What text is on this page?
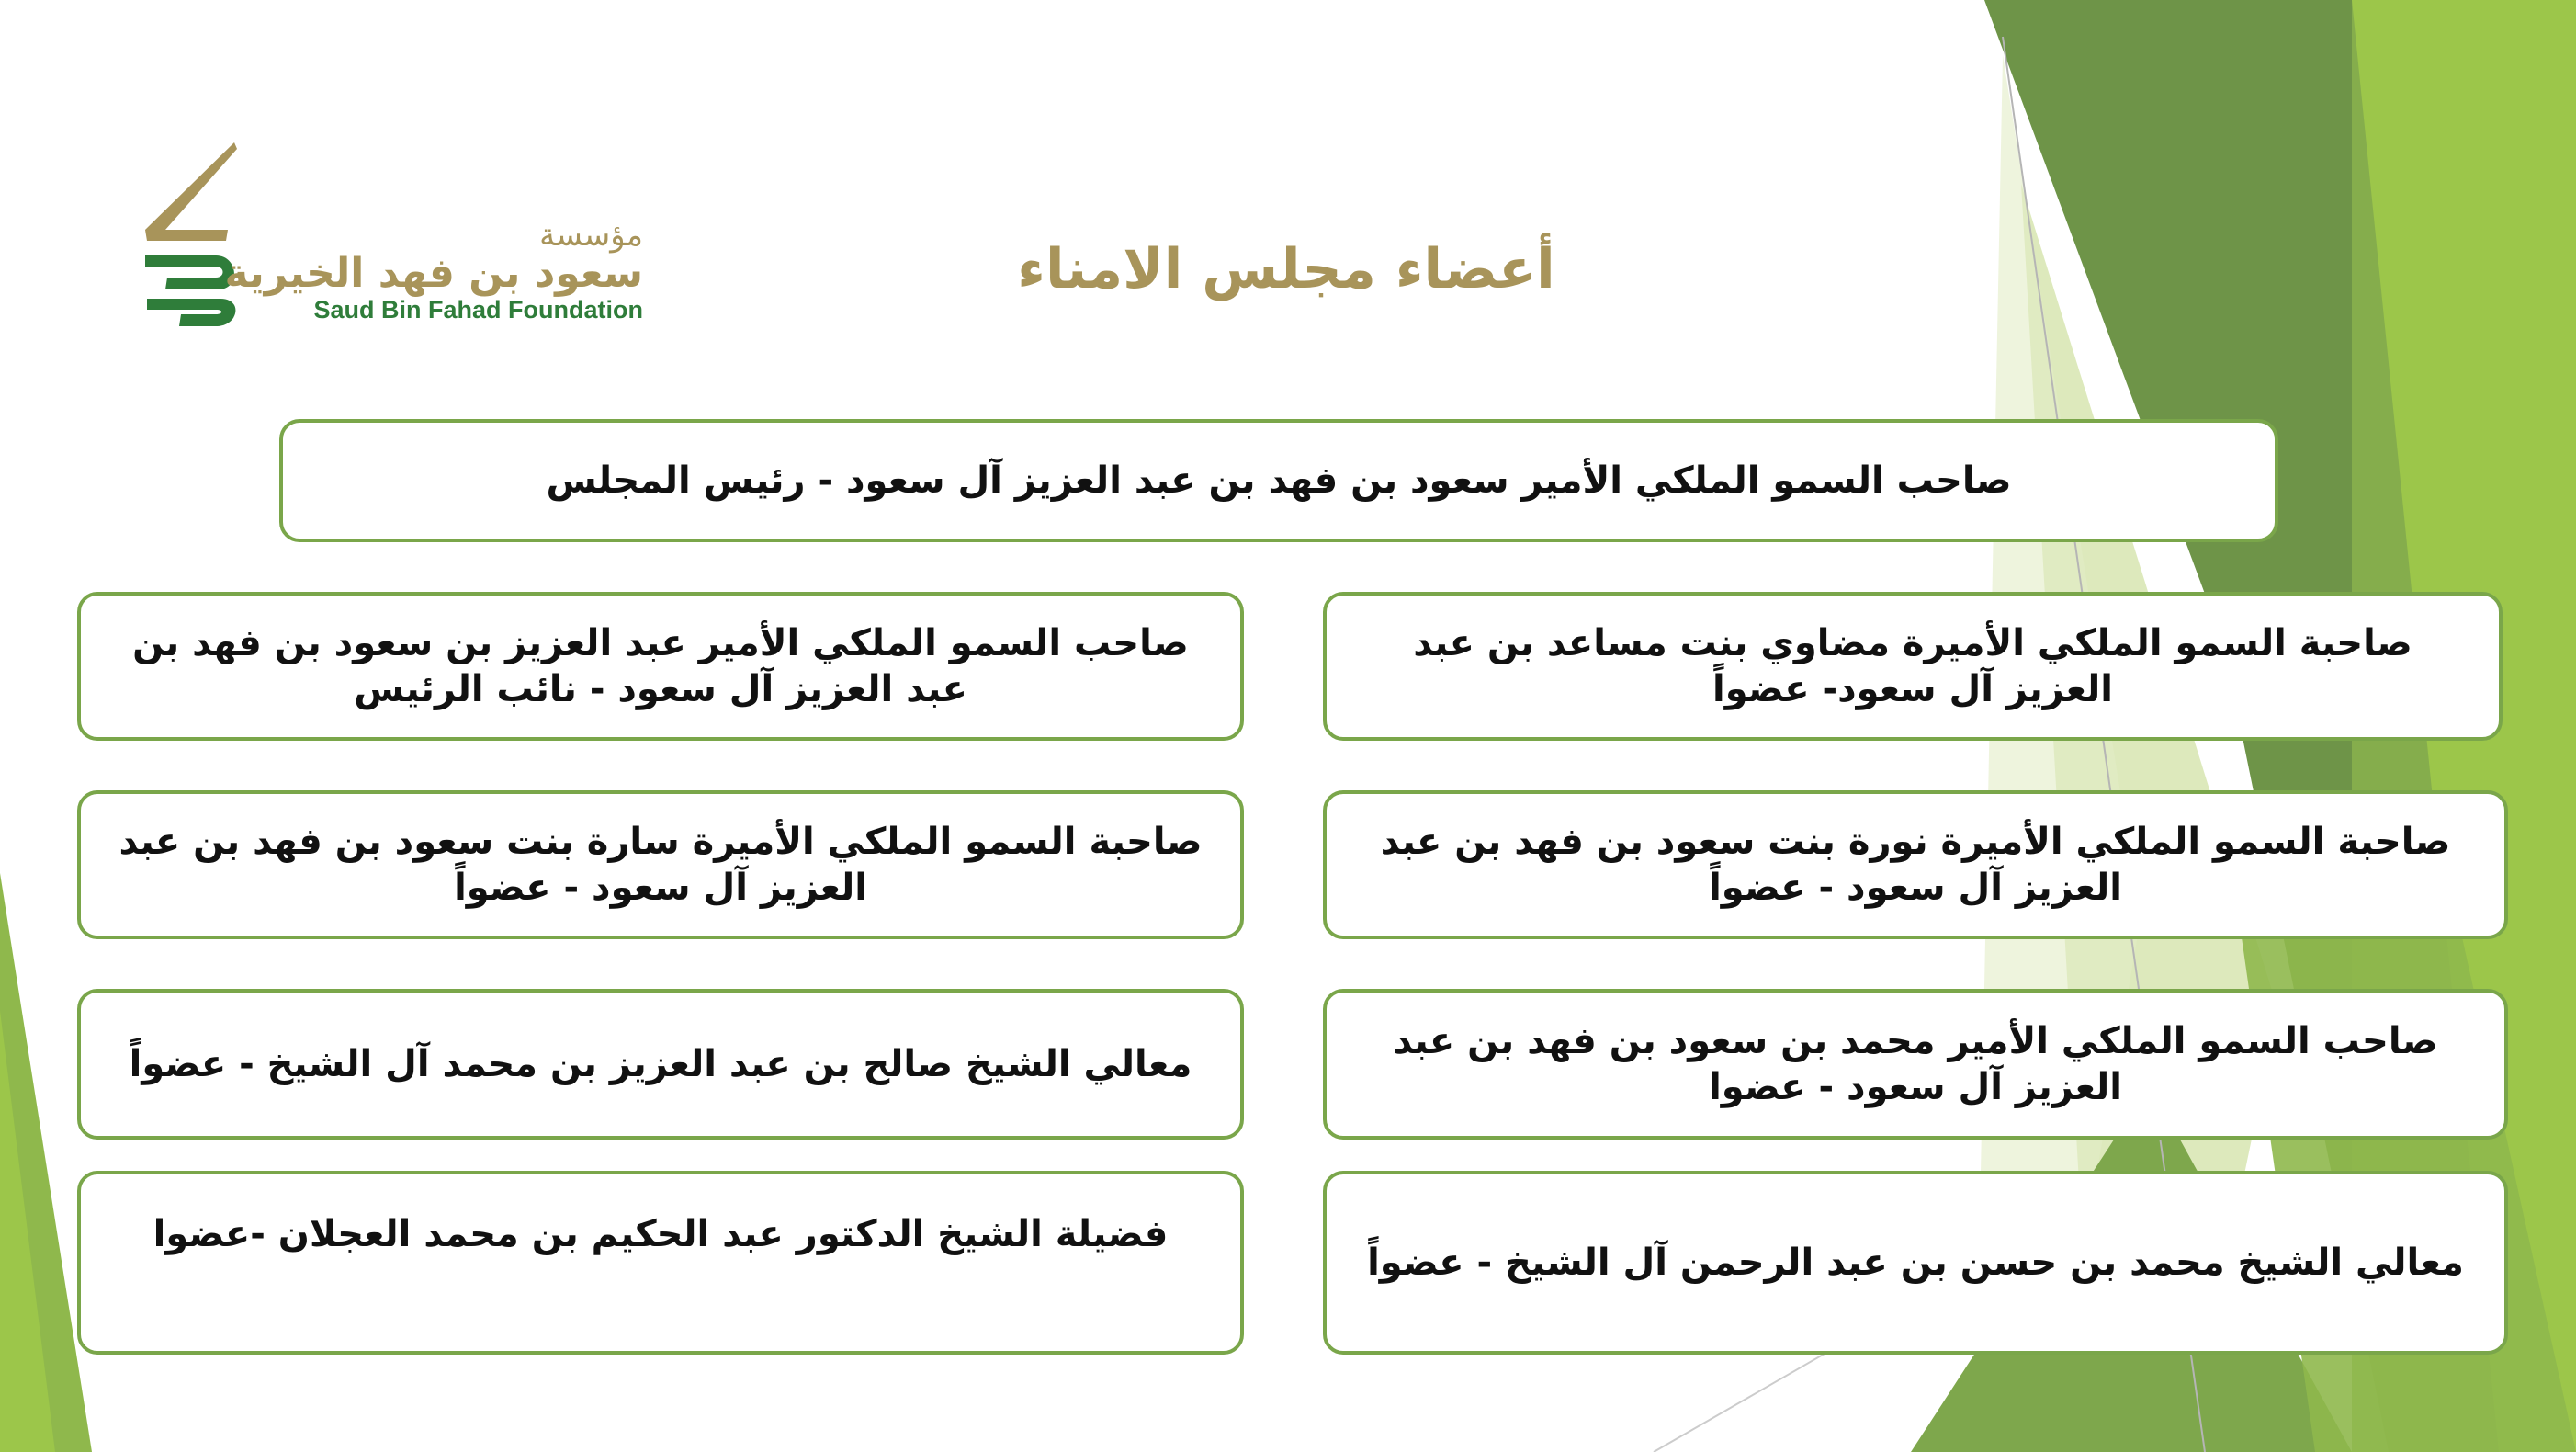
مؤسسة
سعود بن فهد الخيرية
Saud Bin Fahad Foundation
أعضاء مجلس الامناء
صاحب السمو الملكي الأمير سعود بن فهد بن عبد العزيز آل سعود - رئيس المجلس
صاحبة السمو الملكي الأميرة مضاوي بنت مساعد بن عبد العزيز آل سعود- عضواً
صاحبة السمو الملكي الأميرة نورة بنت سعود بن فهد بن عبد العزيز آل سعود - عضواً
صاحب السمو الملكي الأمير محمد بن سعود بن فهد بن عبد العزيز آل سعود - عضوا
معالي الشيخ محمد بن حسن بن عبد الرحمن آل الشيخ - عضواً
صاحب السمو الملكي الأمير عبد العزيز بن سعود بن فهد بن عبد العزيز آل سعود - نائب الرئيس
صاحبة السمو الملكي الأميرة سارة بنت سعود بن فهد بن عبد العزيز آل سعود - عضواً
معالي الشيخ صالح بن عبد العزيز بن محمد آل الشيخ - عضواً
فضيلة الشيخ الدكتور عبد الحكيم بن محمد العجلان -عضوا
